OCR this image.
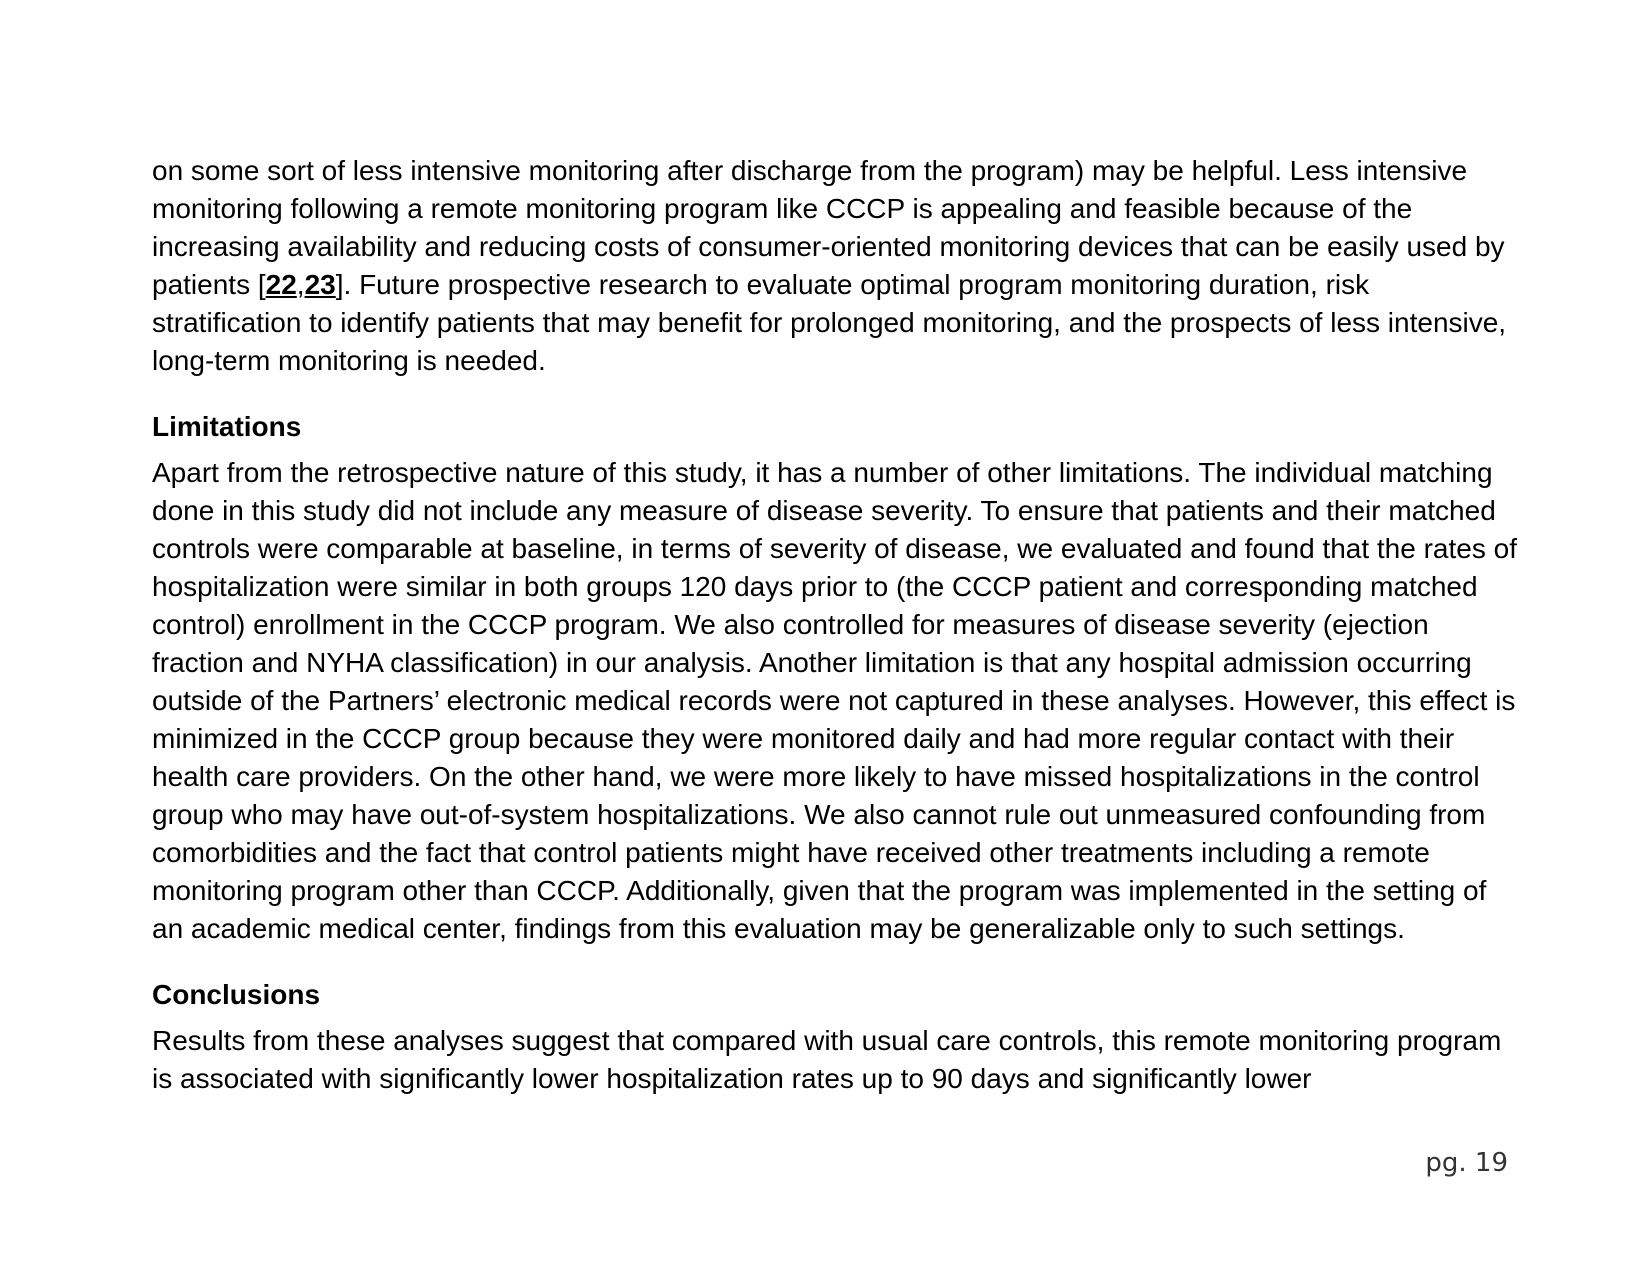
on some sort of less intensive monitoring after discharge from the program) may be helpful. Less intensive monitoring following a remote monitoring program like CCCP is appealing and feasible because of the increasing availability and reducing costs of consumer-oriented monitoring devices that can be easily used by patients [22,23]. Future prospective research to evaluate optimal program monitoring duration, risk stratification to identify patients that may benefit for prolonged monitoring, and the prospects of less intensive, long-term monitoring is needed.

Limitations

Apart from the retrospective nature of this study, it has a number of other limitations. The individual matching done in this study did not include any measure of disease severity. To ensure that patients and their matched controls were comparable at baseline, in terms of severity of disease, we evaluated and found that the rates of hospitalization were similar in both groups 120 days prior to (the CCCP patient and corresponding matched control) enrollment in the CCCP program. We also controlled for measures of disease severity (ejection fraction and NYHA classification) in our analysis. Another limitation is that any hospital admission occurring outside of the Partners’ electronic medical records were not captured in these analyses. However, this effect is minimized in the CCCP group because they were monitored daily and had more regular contact with their health care providers. On the other hand, we were more likely to have missed hospitalizations in the control group who may have out-of-system hospitalizations. We also cannot rule out unmeasured confounding from comorbidities and the fact that control patients might have received other treatments including a remote monitoring program other than CCCP. Additionally, given that the program was implemented in the setting of an academic medical center, findings from this evaluation may be generalizable only to such settings.

Conclusions

Results from these analyses suggest that compared with usual care controls, this remote monitoring program is associated with significantly lower hospitalization rates up to 90 days and significantly lower

pg. 19
